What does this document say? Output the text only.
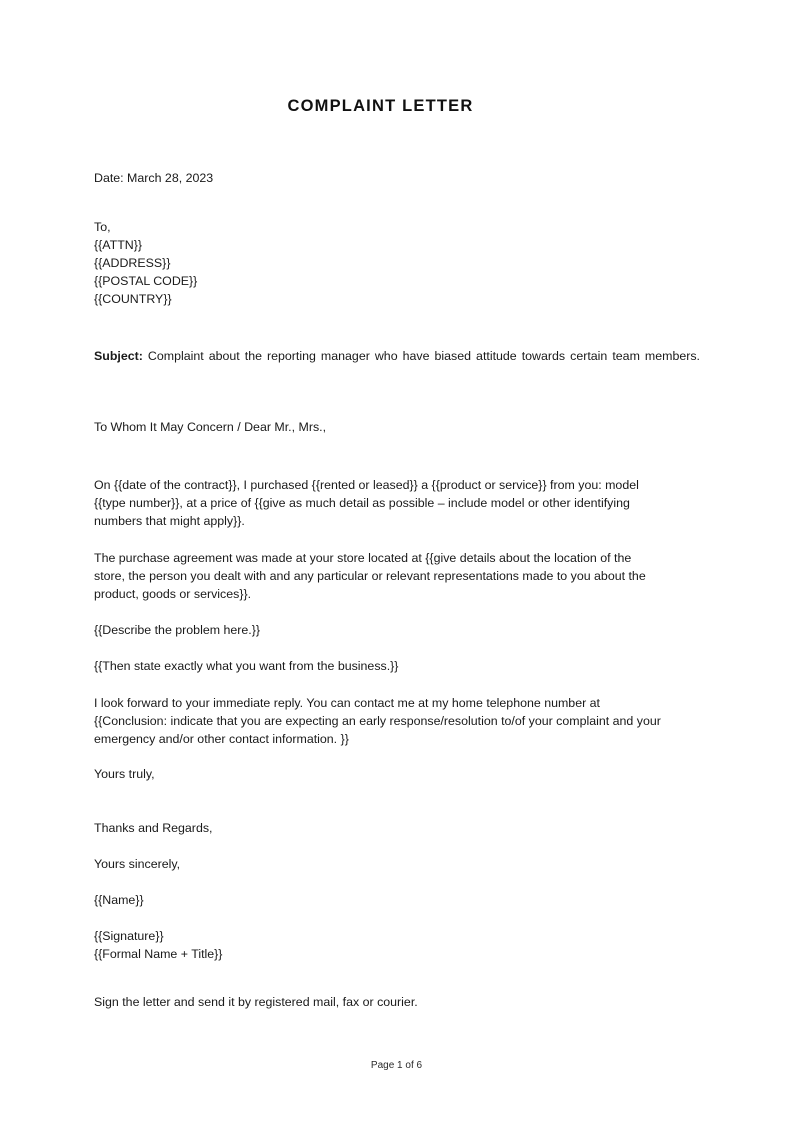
COMPLAINT LETTER
Date: March 28, 2023
To,
{{ATTN}}
{{ADDRESS}}
{{POSTAL CODE}}
{{COUNTRY}}
Subject: Complaint about the reporting manager who have biased attitude towards certain team members.
To Whom It May Concern / Dear Mr., Mrs.,
On {{date of the contract}}, I purchased {{rented or leased}} a {{product or service}} from you: model {{type number}}, at a price of {{give as much detail as possible – include model or other identifying numbers that might apply}}.
The purchase agreement was made at your store located at {{give details about the location of the store, the person you dealt with and any particular or relevant representations made to you about the product, goods or services}}.
{{Describe the problem here.}}
{{Then state exactly what you want from the business.}}
I look forward to your immediate reply. You can contact me at my home telephone number at {{Conclusion: indicate that you are expecting an early response/resolution to/of your complaint and your emergency and/or other contact information. }}
Yours truly,
Thanks and Regards,
Yours sincerely,
{{Name}}
{{Signature}}
{{Formal Name + Title}}
Sign the letter and send it by registered mail, fax or courier.
Page 1 of 6
